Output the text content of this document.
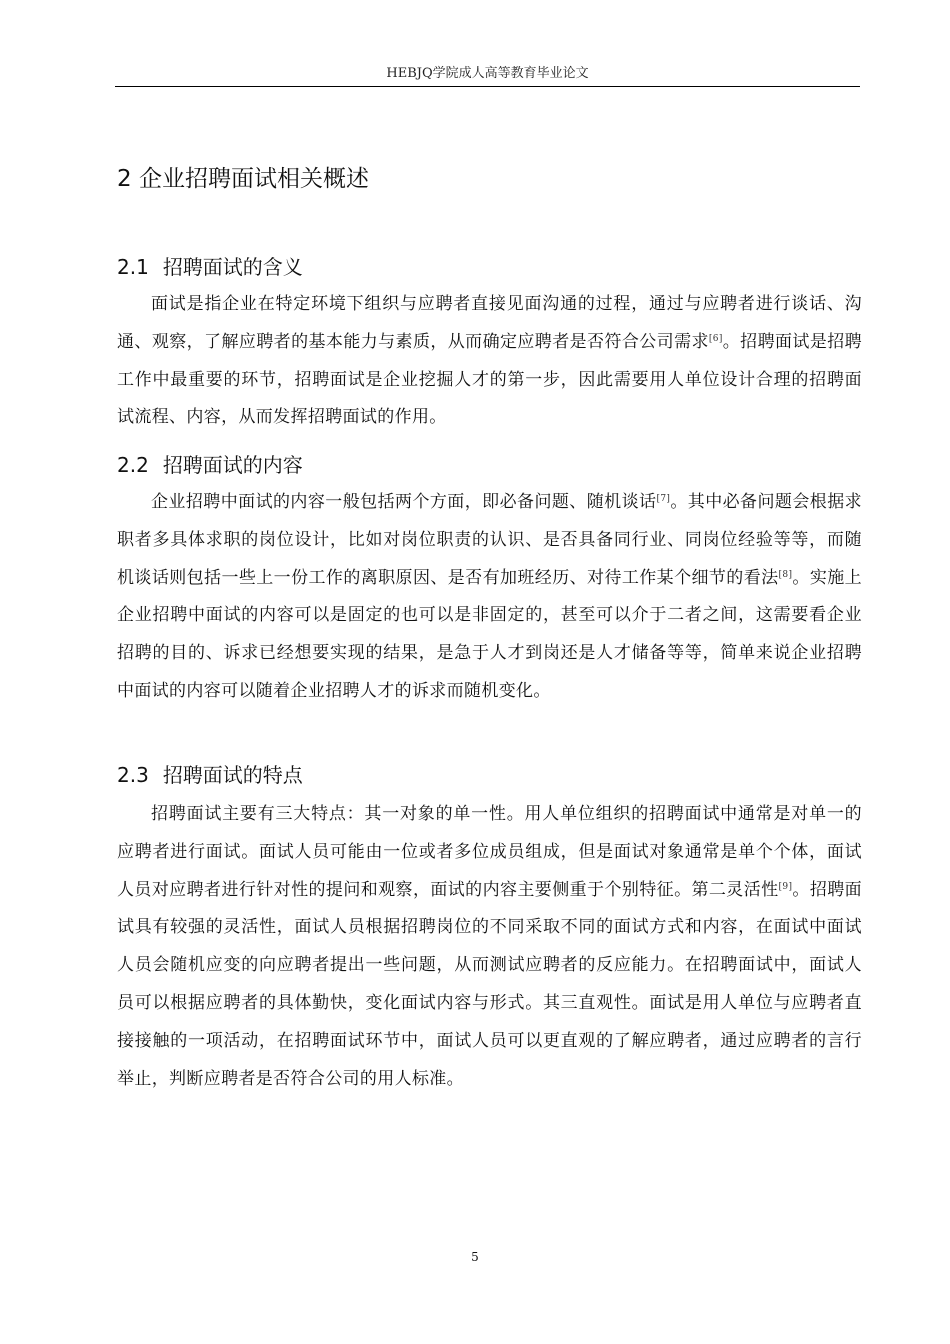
HEBJQ学院成人高等教育毕业论文
2 企业招聘面试相关概述
2.1 招聘面试的含义

面试是指企业在特定环境下组织与应聘者直接见面沟通的过程，通过与应聘者进行谈话、沟通、观察，了解应聘者的基本能力与素质，从而确定应聘者是否符合公司需求[6]。招聘面试是招聘工作中最重要的环节，招聘面试是企业挖掘人才的第一步，因此需要用人单位设计合理的招聘面试流程、内容，从而发挥招聘面试的作用。

2.2 招聘面试的内容

企业招聘中面试的内容一般包括两个方面，即必备问题、随机谈话[7]。其中必备问题会根据求职者多具体求职的岗位设计，比如对岗位职责的认识、是否具备同行业、同岗位经验等等，而随机谈话则包括一些上一份工作的离职原因、是否有加班经历、对待工作某个细节的看法[8]。实施上企业招聘中面试的内容可以是固定的也可以是非固定的，甚至可以介于二者之间，这需要看企业招聘的目的、诉求已经想要实现的结果，是急于人才到岗还是人才储备等等，简单来说企业招聘中面试的内容可以随着企业招聘人才的诉求而随机变化。

2.3 招聘面试的特点

招聘面试主要有三大特点：其一对象的单一性。用人单位组织的招聘面试中通常是对单一的应聘者进行面试。面试人员可能由一位或者多位成员组成，但是面试对象通常是单个个体，面试人员对应聘者进行针对性的提问和观察，面试的内容主要侧重于个别特征。第二灵活性[9]。招聘面试具有较强的灵活性，面试人员根据招聘岗位的不同采取不同的面试方式和内容，在面试中面试人员会随机应变的向应聘者提出一些问题，从而测试应聘者的反应能力。在招聘面试中，面试人员可以根据应聘者的具体勤快，变化面试内容与形式。其三直观性。面试是用人单位与应聘者直接接触的一项活动，在招聘面试环节中，面试人员可以更直观的了解应聘者，通过应聘者的言行举止，判断应聘者是否符合公司的用人标准。

5
